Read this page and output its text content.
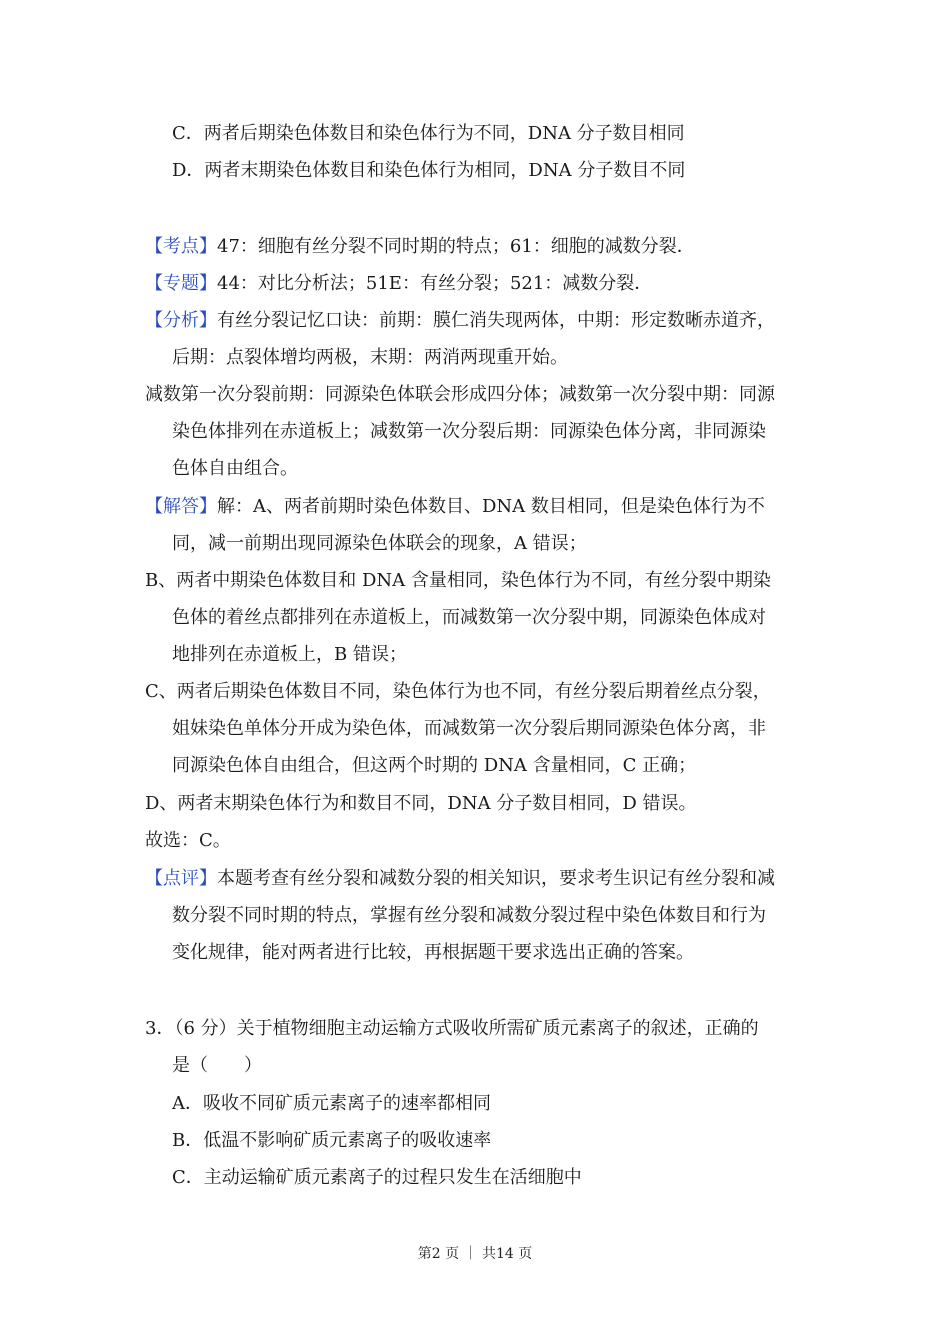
C．两者后期染色体数目和染色体行为不同，DNA 分子数目相同
D．两者末期染色体数目和染色体行为相同，DNA 分子数目不同
【考点】47：细胞有丝分裂不同时期的特点；61：细胞的减数分裂．
【专题】44：对比分析法；51E：有丝分裂；521：减数分裂．
【分析】有丝分裂记忆口诀：前期：膜仁消失现两体，中期：形定数晰赤道齐，
后期：点裂体增均两极，末期：两消两现重开始。
减数第一次分裂前期：同源染色体联会形成四分体；减数第一次分裂中期：同源
染色体排列在赤道板上；减数第一次分裂后期：同源染色体分离，非同源染
色体自由组合。
【解答】解：A、两者前期时染色体数目、DNA 数目相同，但是染色体行为不
同，减一前期出现同源染色体联会的现象，A 错误；
B、两者中期染色体数目和 DNA 含量相同，染色体行为不同，有丝分裂中期染
色体的着丝点都排列在赤道板上，而减数第一次分裂中期，同源染色体成对
地排列在赤道板上，B 错误；
C、两者后期染色体数目不同，染色体行为也不同，有丝分裂后期着丝点分裂，
姐妹染色单体分开成为染色体，而减数第一次分裂后期同源染色体分离，非
同源染色体自由组合，但这两个时期的 DNA 含量相同，C 正确；
D、两者末期染色体行为和数目不同，DNA 分子数目相同，D 错误。
故选：C。
【点评】本题考查有丝分裂和减数分裂的相关知识，要求考生识记有丝分裂和减
数分裂不同时期的特点，掌握有丝分裂和减数分裂过程中染色体数目和行为
变化规律，能对两者进行比较，再根据题干要求选出正确的答案。
3．（6 分）关于植物细胞主动运输方式吸收所需矿质元素离子的叙述，正确的
是（　　）
A．吸收不同矿质元素离子的速率都相同
B．低温不影响矿质元素离子的吸收速率
C．主动运输矿质元素离子的过程只发生在活细胞中
第2 页 ｜ 共14 页
